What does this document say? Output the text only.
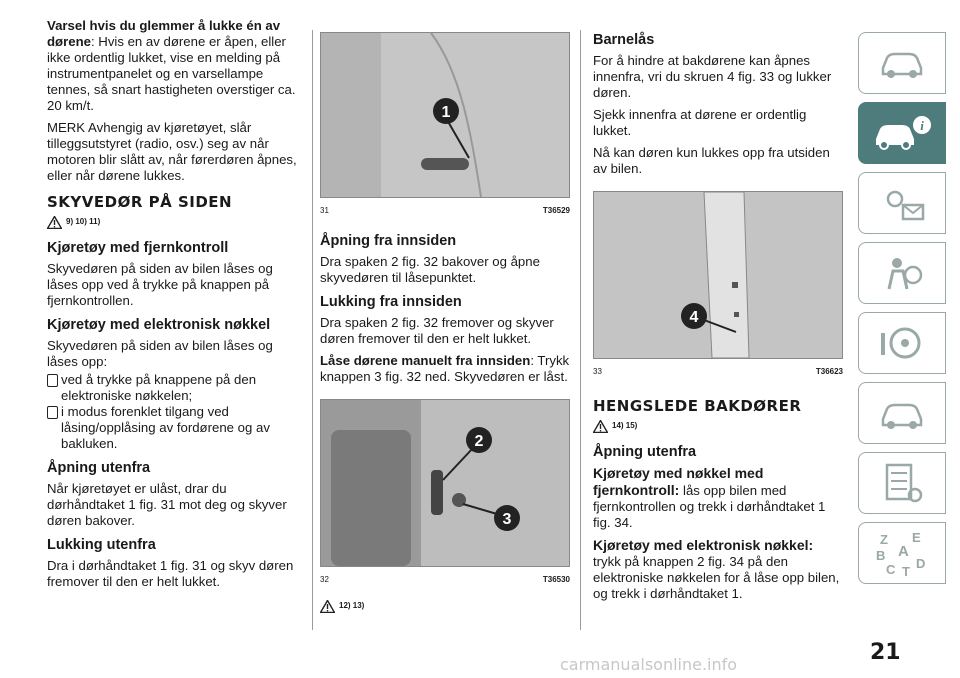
Varsel hvis du glemmer å lukke én av dørene: Hvis en av dørene er åpen, eller ikke ordentlig lukket, vise en melding på instrumentpanelet og en varsellampe tennes, så snart hastigheten overstiger ca. 20 km/t.

MERK Avhengig av kjøretøyet, slår tilleggsutstyret (radio, osv.) seg av når motoren blir slått av, når førerdøren åpnes, eller når dørene lukkes.

SKYVEDØR PÅ SIDEN
9) 10) 11)
Kjøretøy med fjernkontroll

Skyvedøren på siden av bilen låses og låses opp ved å trykke på knappen på fjernkontrollen.

Kjøretøy med elektronisk nøkkel

Skyvedøren på siden av bilen låses og låses opp:

ved å trykke på knappene på den elektroniske nøkkelen;
i modus forenklet tilgang ved låsing/opplåsing av fordørene og av bakluken.
Åpning utenfra

Når kjøretøyet er ulåst, drar du dørhåndtaket 1 fig. 31 mot deg og skyver døren bakover.

Lukking utenfra

Dra i dørhåndtaket 1 fig. 31 og skyv døren fremover til den er helt lukket.

1
31	T36529
Åpning fra innsiden

Dra spaken 2 fig. 32 bakover og åpne skyvedøren til låsepunktet.

Lukking fra innsiden

Dra spaken 2 fig. 32 fremover og skyver døren fremover til den er helt lukket.

Låse dørene manuelt fra innsiden: Trykk knappen 3 fig. 32 ned. Skyvedøren er låst.

2
3
32	T36530
12) 13)
Barnelås

For å hindre at bakdørene kan åpnes innenfra, vri du skruen 4 fig. 33 og lukker døren.

Sjekk innenfra at dørene er ordentlig lukket.

Nå kan døren kun lukkes opp fra utsiden av bilen.

4
33	T36623
HENGSLEDE BAKDØRER
14) 15)
Åpning utenfra

Kjøretøy med nøkkel med fjernkontroll: lås opp bilen med fjernkontrollen og trekk i dørhåndtaket 1 fig. 34.

Kjøretøy med elektronisk nøkkel: trykk på knappen 2 fig. 34 på den elektroniske nøkkelen for å låse opp bilen, og trekk i dørhåndtaket 1.

i
Z E
B A
C T
D
21
carmanualsonline.info
